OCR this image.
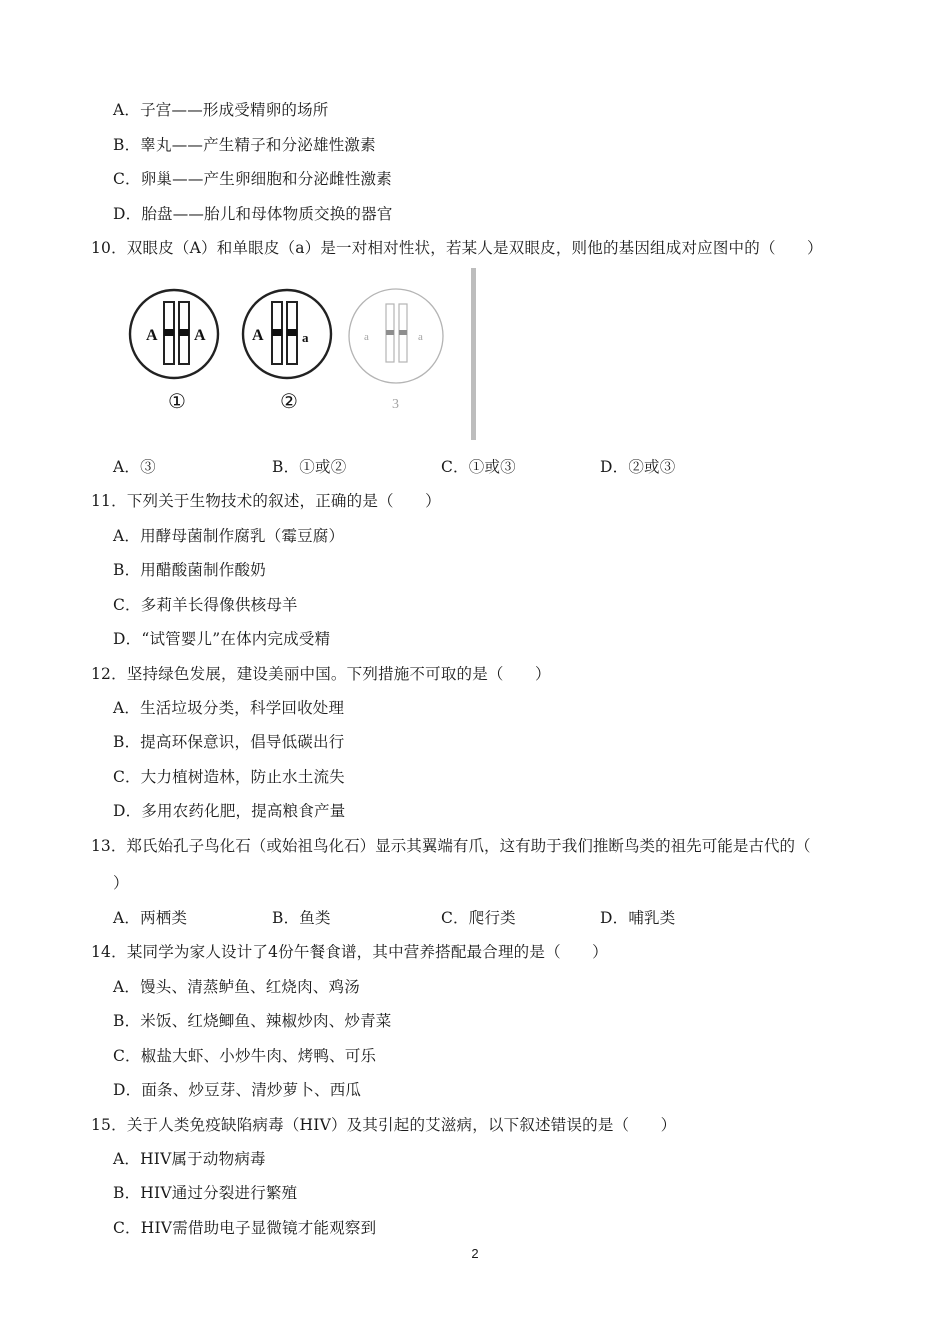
A．子宫——形成受精卵的场所
B．睾丸——产生精子和分泌雄性激素
C．卵巢——产生卵细胞和分泌雌性激素
D．胎盘——胎儿和母体物质交换的器官
10．双眼皮（A）和单眼皮（a）是一对相对性状，若某人是双眼皮，则他的基因组成对应图中的（　　）
A A
①
A	a
②
a	a
3
A．③	B．①或②	C．①或③	D．②或③
11．下列关于生物技术的叙述，正确的是（　　）
A．用酵母菌制作腐乳（霉豆腐）
B．用醋酸菌制作酸奶
C．多莉羊长得像供核母羊
D．“试管婴儿”在体内完成受精
12．坚持绿色发展，建设美丽中国。下列措施不可取的是（　　）
A．生活垃圾分类，科学回收处理
B．提高环保意识，倡导低碳出行
C．大力植树造林，防止水土流失
D．多用农药化肥，提高粮食产量
13．郑氏始孔子鸟化石（或始祖鸟化石）显示其翼端有爪，这有助于我们推断鸟类的祖先可能是古代的（
）
A．两栖类	B．鱼类	C．爬行类	D．哺乳类
14．某同学为家人设计了4份午餐食谱，其中营养搭配最合理的是（　　）
A．馒头、清蒸鲈鱼、红烧肉、鸡汤
B．米饭、红烧鲫鱼、辣椒炒肉、炒青菜
C．椒盐大虾、小炒牛肉、烤鸭、可乐
D．面条、炒豆芽、清炒萝卜、西瓜
15．关于人类免疫缺陷病毒（HIV）及其引起的艾滋病，以下叙述错误的是（　　）
A．HIV属于动物病毒
B．HIV通过分裂进行繁殖
C．HIV需借助电子显微镜才能观察到
2
